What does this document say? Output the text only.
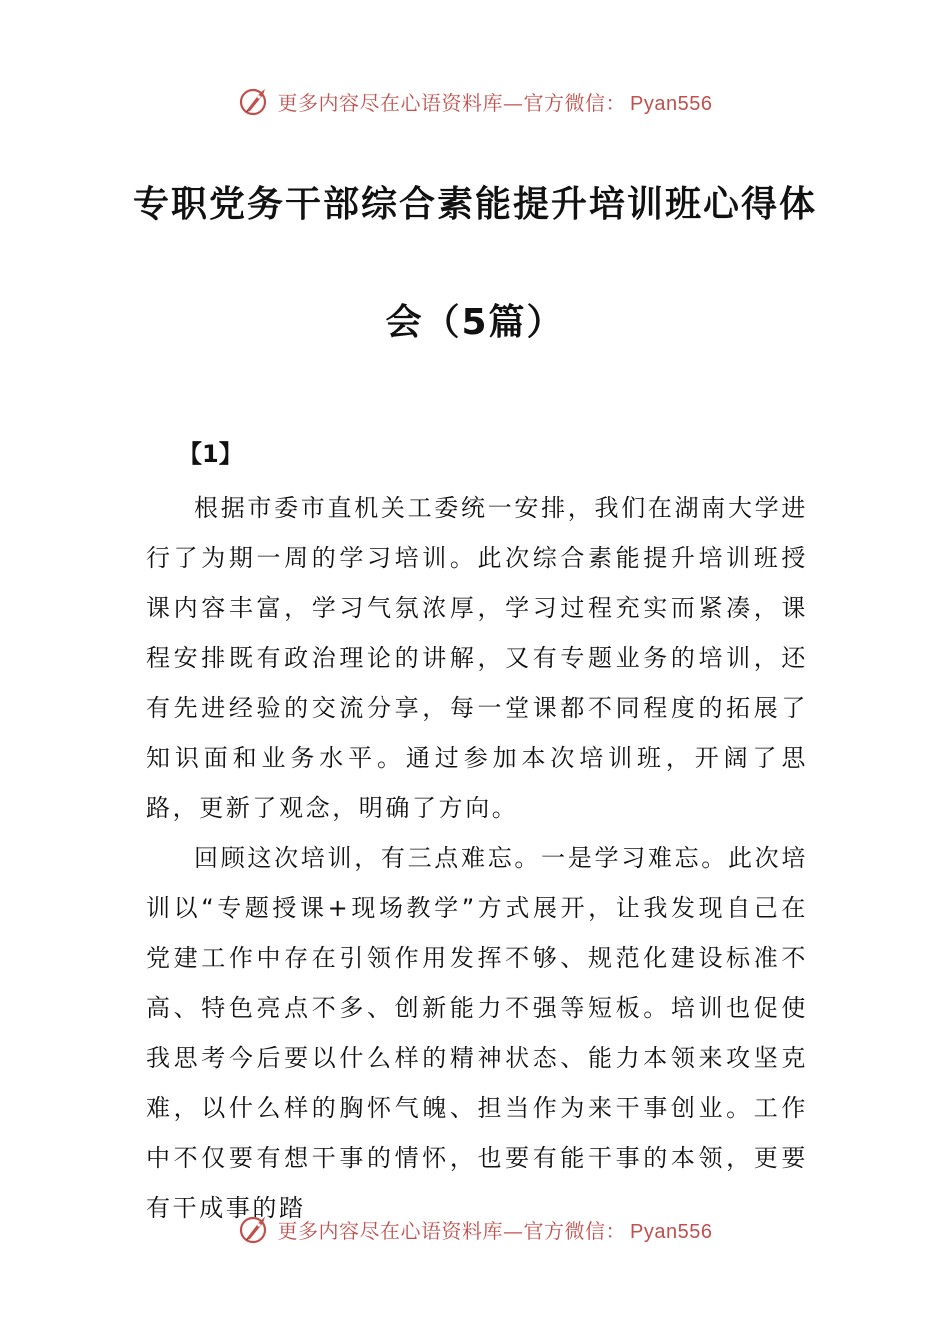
更多内容尽在心语资料库—官方微信： Pyan556
专职党务干部综合素能提升培训班心得体
会（5篇）
【1】

根据市委市直机关工委统一安排，我们在湖南大学进行了为期一周的学习培训。此次综合素能提升培训班授课内容丰富，学习气氛浓厚，学习过程充实而紧凑，课程安排既有政治理论的讲解，又有专题业务的培训，还有先进经验的交流分享，每一堂课都不同程度的拓展了知识面和业务水平。通过参加本次培训班，开阔了思路，更新了观念，明确了方向。

回顾这次培训，有三点难忘。一是学习难忘。此次培训以“专题授课+现场教学”方式展开，让我发现自己在党建工作中存在引领作用发挥不够、规范化建设标准不高、特色亮点不多、创新能力不强等短板。培训也促使我思考今后要以什么样的精神状态、能力本领来攻坚克难，以什么样的胸怀气魄、担当作为来干事创业。工作中不仅要有想干事的情怀，也要有能干事的本领，更要有干成事的踏

更多内容尽在心语资料库—官方微信： Pyan556
